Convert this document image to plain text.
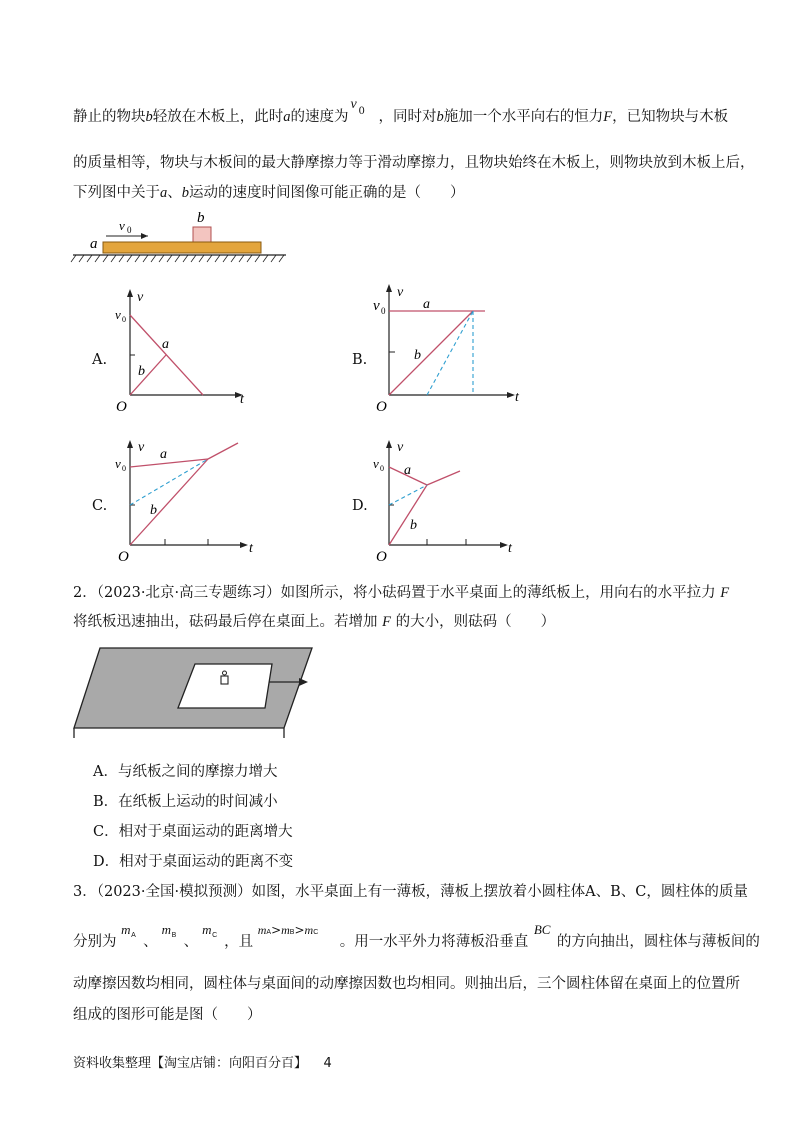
静止的物块b轻放在木板上，此时a的速度为
v 0 ，同时对b施加一个水平向右的恒力F，已知物块与木板
的质量相等，物块与木板间的最大静摩擦力等于滑动摩擦力，且物块始终在木板上，则物块放到木板上后，
下列图中关于a、b运动的速度时间图像可能正确的是（　　）
v 0
b
a
A.
v
v 0
a
b
O	t
B.
v
v 0	a
b
O
t
C.
v
v 0
a
b
O
t
D.
v
v 0 a
b
O
t
2．（2023·北京·高三专题练习）如图所示，将小砝码置于水平桌面上的薄纸板上，用向右的水平拉力 F
将纸板迅速抽出，砝码最后停在桌面上。若增加 F 的大小，则砝码（　　）
A．与纸板之间的摩擦力增大
B．在纸板上运动的时间减小
C．相对于桌面运动的距离增大
D．相对于桌面运动的距离不变
3．（2023·全国·模拟预测）如图，水平桌面上有一薄板，薄板上摆放着小圆柱体A、B、C，圆柱体的质量
分别为
m A 、
m B 、
m C ，且
mA>mB>mC
。用一水平外力将薄板沿垂直
BC
的方向抽出，圆柱体与薄板间的
动摩擦因数均相同，圆柱体与桌面间的动摩擦因数也均相同。则抽出后，三个圆柱体留在桌面上的位置所
组成的图形可能是图（　　）
资料收集整理【淘宝店铺：向阳百分百】 4
